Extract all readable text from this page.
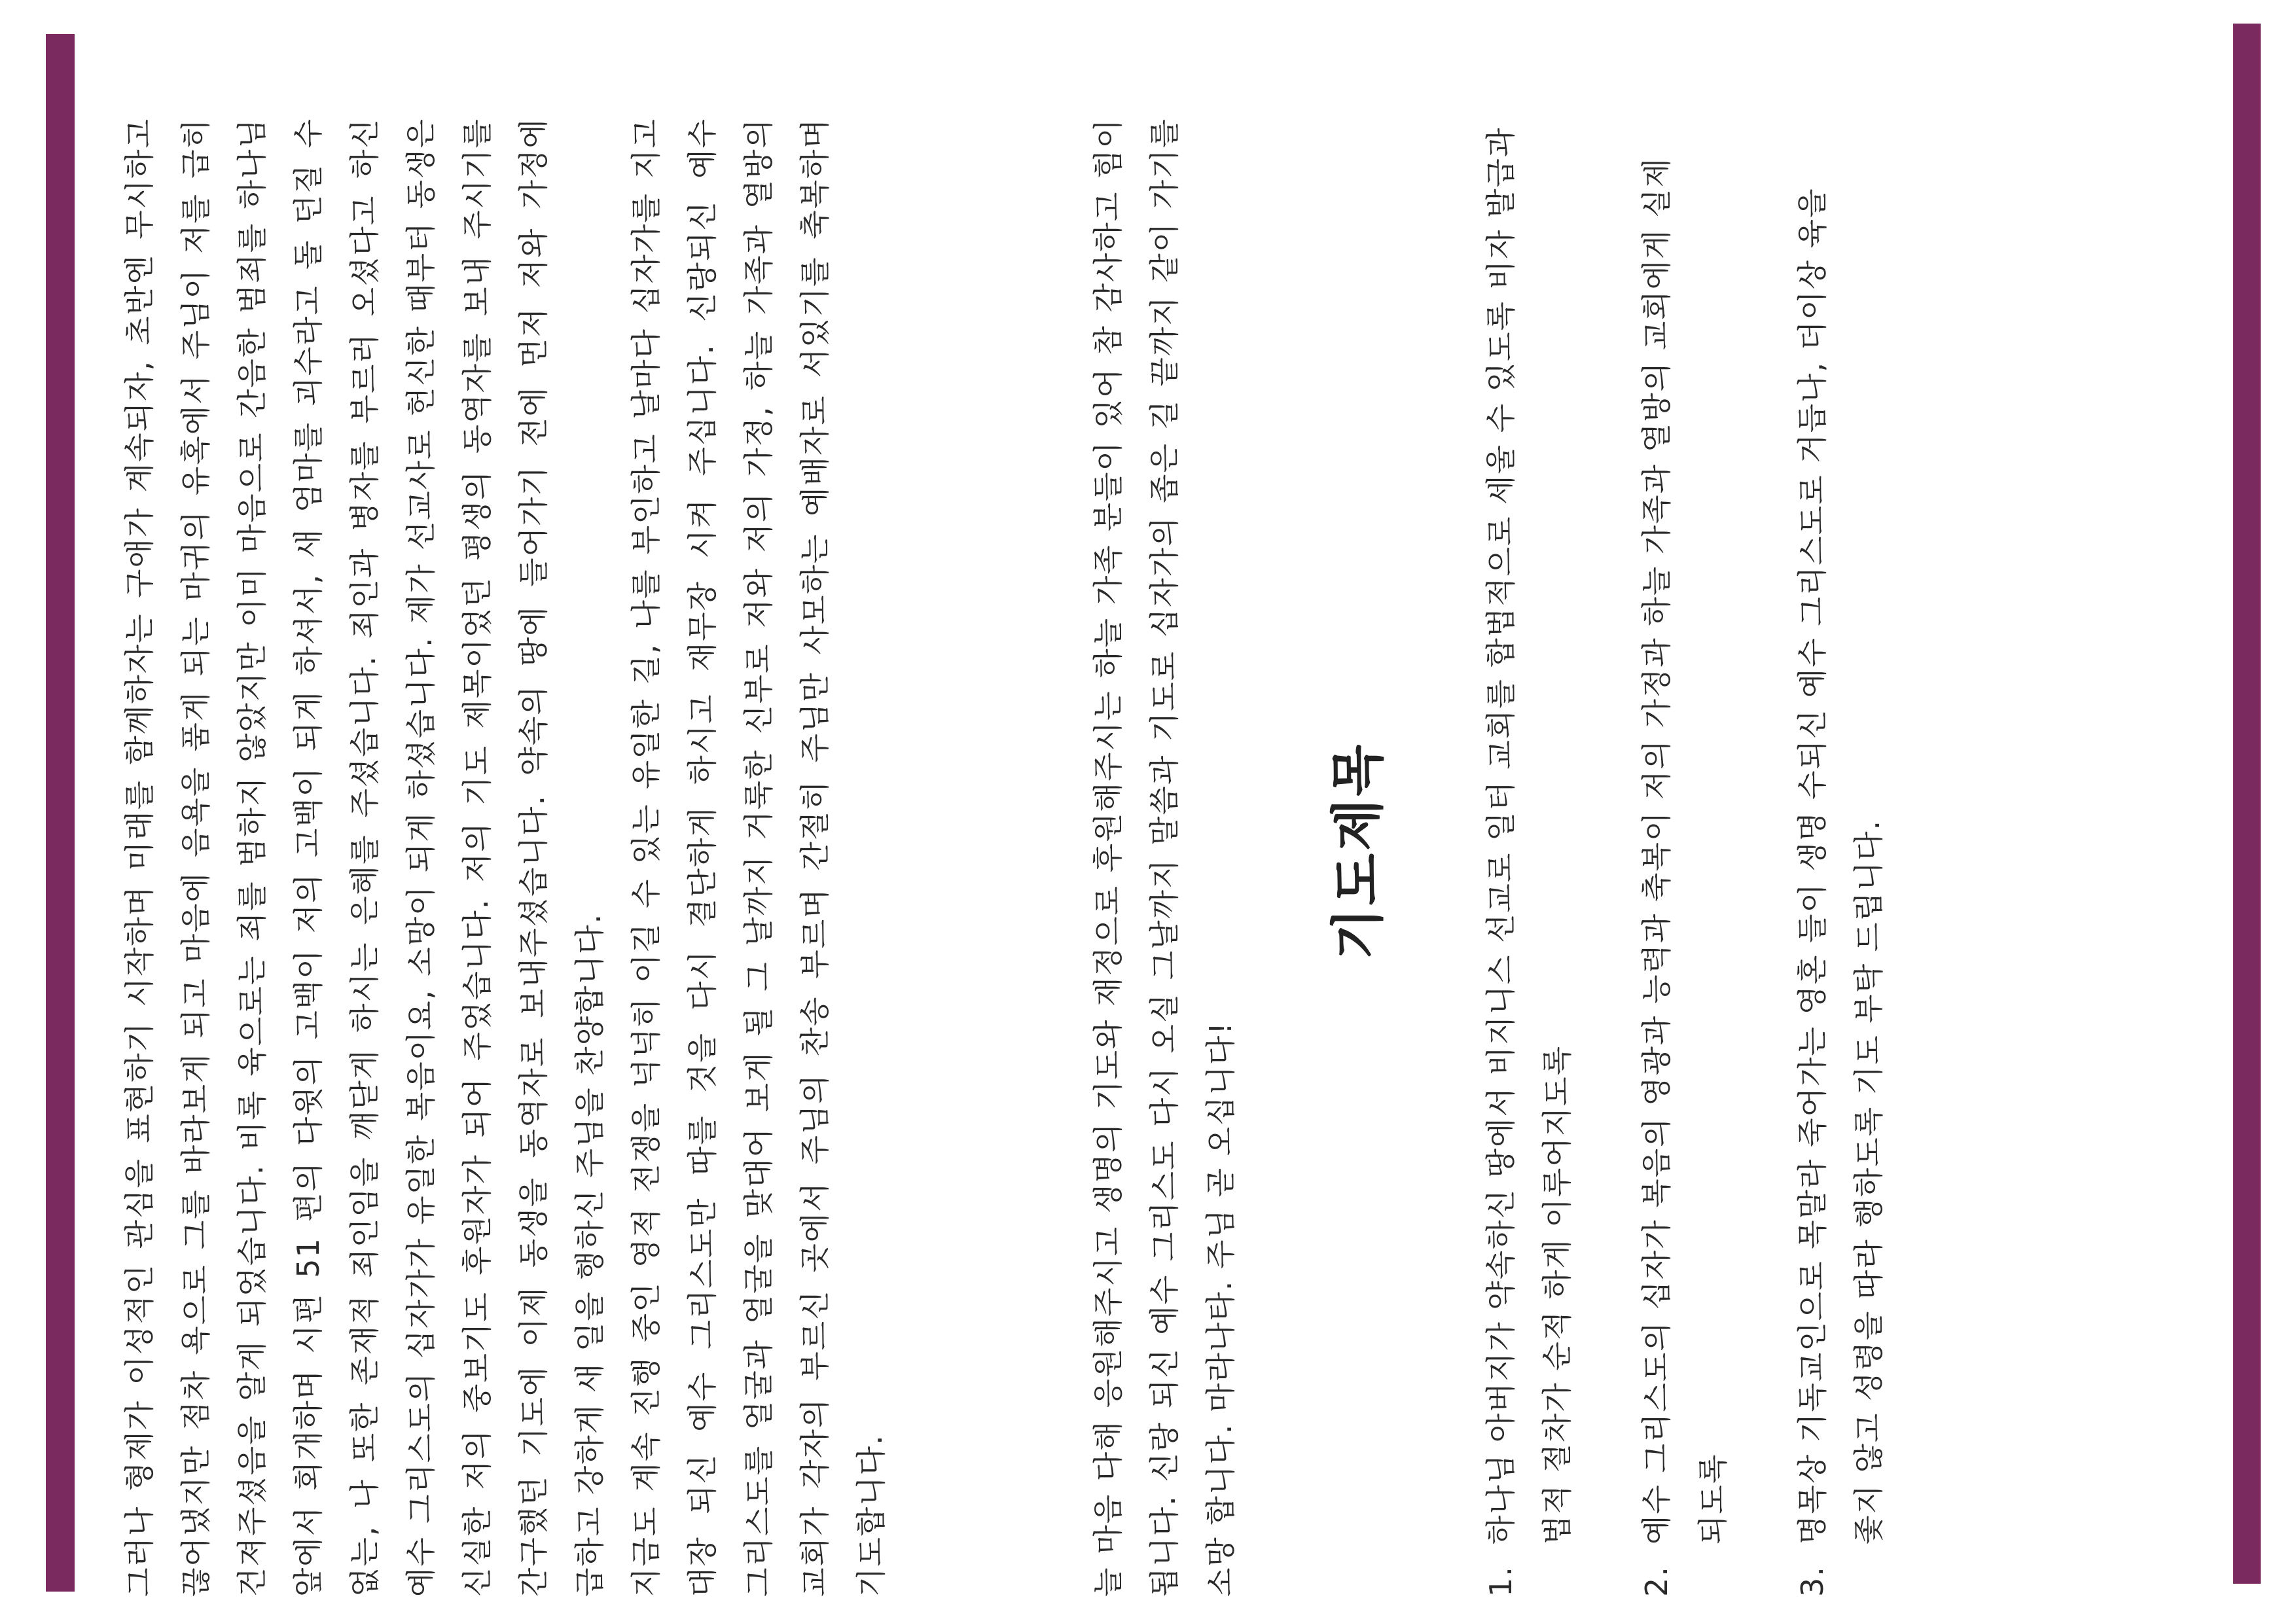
그러나 형제가 이성적인 관심을 표현하기 시작하며 미래를 함께하자는 구애가 계속되자, 초반엔 무시하고 끊어냈지만 점차 욕으로 그를 바라보게 되고 마음에 음욕을 품게 되는 마귀의 유혹에서 주님이 저를 급히 건져주셨음을 알게 되었습니다. 비록 육으로는 죄를 범하지 않았지만 이미 마음으로 간음한 범죄를 하나님 앞에서 회개하며 시편 51 편의 다윗의 고백이 저의 고백이 되게 하셔서, 새 엄마를 괴수라고 돌 던질 수 없는, 나 또한 존재적 죄인임을 깨닫게 하시는 은혜를 주셨습니다. 죄인과 병자를 부르러 오셨다고 하신 예수 그리스도의 십자가가 유일한 복음이요, 소망이 되게 하셨습니다. 제가 선교사로 헌신한 때부터 동생은 신실한 저의 중보기도 후원자가 되어 주었습니다. 저의 기도 제목이었던 평생의 동역자를 보내 주시기를 간구했던 기도에 이제 동생을 동역자로 보내주셨습니다. 약속의 땅에 들어가기 전에 먼저 저와 가정에 급하고 강하게 새 일을 행하신 주님을 찬양합니다. 지금도 계속 진행 중인 영적 전쟁을 넉넉히 이길 수 있는 유일한 길, 나를 부인하고 날마다 십자가를 지고 대장 되신 예수 그리스도만 따를 것을 다시 결단하게 하시고 재무장 시켜 주십니다. 신랑되신 예수 그리스도를 얼굴과 얼굴을 맞대어 보게 될 그 날까지 거룩한 신부로 저와 저의 가정, 하늘 가족과 열방의 교회가 각자의 부르신 곳에서 주님의 찬송 부르며 간절히 주님만 사모하는 예배자로 서있기를 축복하며 기도합니다.	늘 마음 다해 응원해주시고 생명의 기도와 재정으로 후원해주시는 하늘 가족 분들이 있어 참 감사하고 힘이 됩니다. 신랑 되신 예수 그리스도 다시 오실 그날까지 말씀과 기도로 십자가의 좁은 길 끝까지 같이 가기를 소망 합니다. 마라나타. 주님 곧 오십니다!

기도제목
1.하나님 아버지가 약속하신 땅에서 비지니스 선교로 일터 교회를 합법적으로 세울 수 있도록 비자 발급과 법적 절차가 순적 하게 이루어지도록
2.예수 그리스도의 십자가 복음의 영광과 능력과 축복이 저의 가정과 하늘 가족과 열방의 교회에게 실제 되도록
3.명목상 기독교인으로 목말라 죽어가는 영혼 들이 생명 수되신 예수 그리스도로 거듭나, 더이상 육을 좇지 않고 성령을 따라 행하도록 기도 부탁 드립니다.
